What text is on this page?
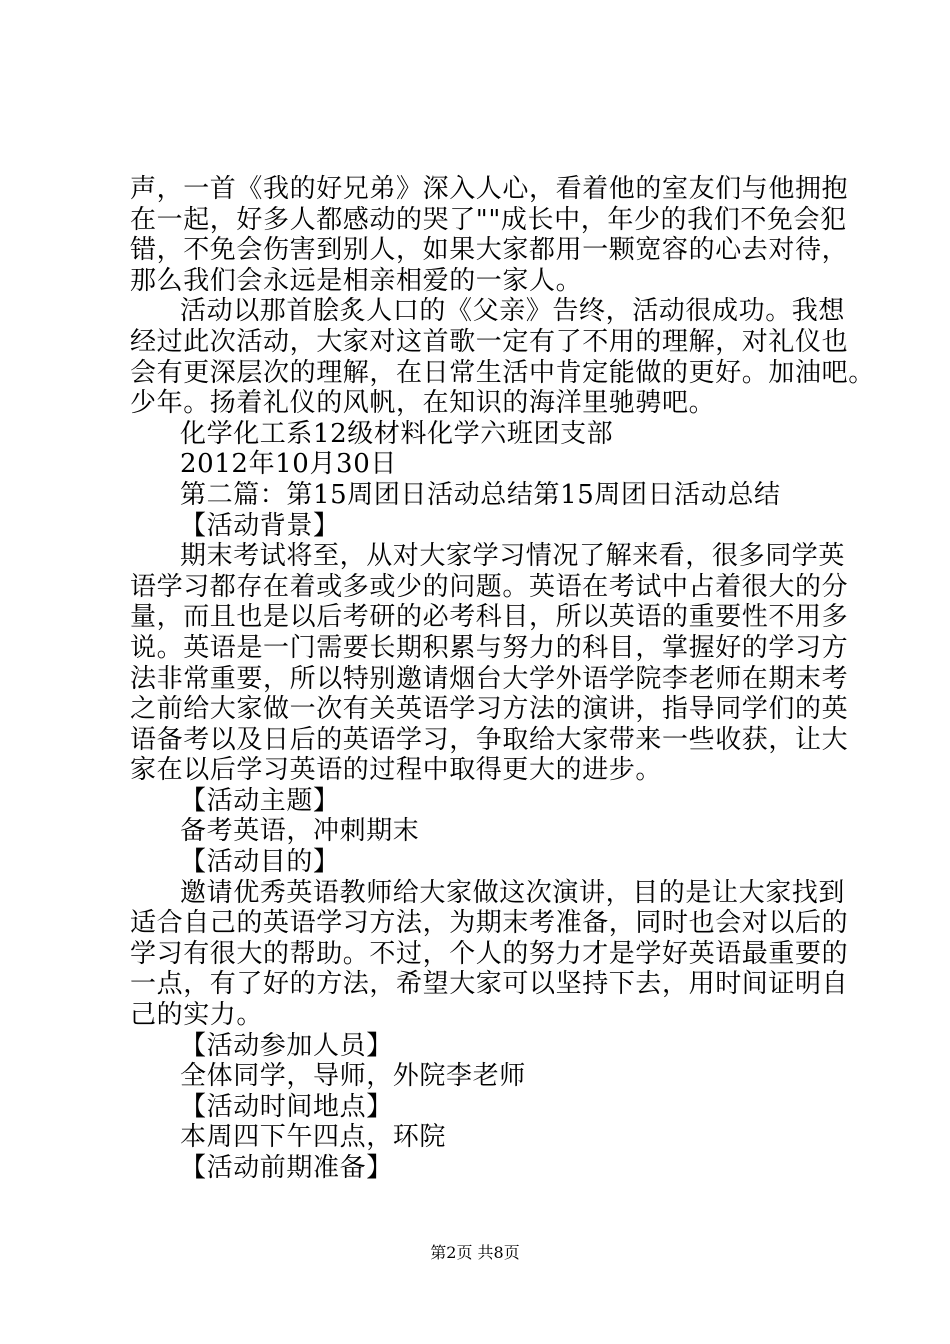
声，一首《我的好兄弟》深入人心，看着他的室友们与他拥抱
在一起，好多人都感动的哭了""成长中，年少的我们不免会犯
错，不免会伤害到别人，如果大家都用一颗宽容的心去对待，
那么我们会永远是相亲相爱的一家人。
活动以那首脍炙人口的《父亲》告终，活动很成功。我想
经过此次活动，大家对这首歌一定有了不用的理解，对礼仪也
会有更深层次的理解，在日常生活中肯定能做的更好。加油吧。
少年。扬着礼仪的风帆，在知识的海洋里驰骋吧。
化学化工系12级材料化学六班团支部
2012年10月30日
第二篇：第15周团日活动总结第15周团日活动总结
【活动背景】
期末考试将至，从对大家学习情况了解来看，很多同学英
语学习都存在着或多或少的问题。英语在考试中占着很大的分
量，而且也是以后考研的必考科目，所以英语的重要性不用多
说。英语是一门需要长期积累与努力的科目，掌握好的学习方
法非常重要，所以特别邀请烟台大学外语学院李老师在期末考
之前给大家做一次有关英语学习方法的演讲，指导同学们的英
语备考以及日后的英语学习，争取给大家带来一些收获，让大
家在以后学习英语的过程中取得更大的进步。
【活动主题】
备考英语，冲刺期末
【活动目的】
邀请优秀英语教师给大家做这次演讲，目的是让大家找到
适合自己的英语学习方法，为期末考准备，同时也会对以后的
学习有很大的帮助。不过，个人的努力才是学好英语最重要的
一点，有了好的方法，希望大家可以坚持下去，用时间证明自
己的实力。
【活动参加人员】
全体同学，导师，外院李老师
【活动时间地点】
本周四下午四点，环院
【活动前期准备】
第2页 共8页
